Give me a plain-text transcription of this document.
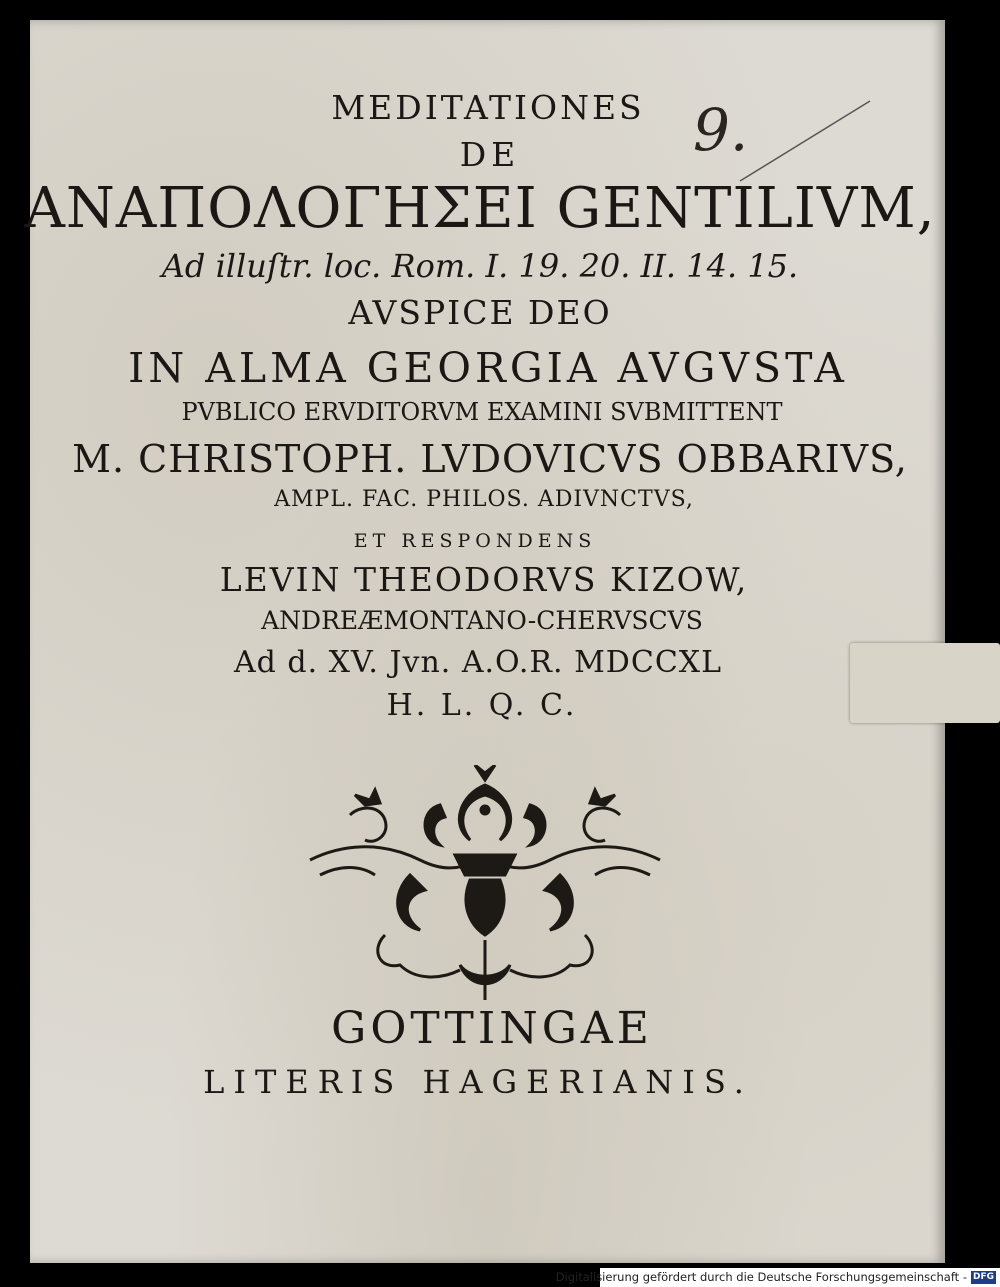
MEDITATIONES
DE
ΑΝΑΠΟΛΟΓΗΣΕΙ GENTILIVM,
Ad illuſtr. loc. Rom. I. 19. 20. II. 14. 15.
AVSPICE DEO
IN ALMA GEORGIA AVGVSTA
PVBLICO ERVDITORVM EXAMINI SVBMITTENT
M. CHRISTOPH. LVDOVICVS OBBARIVS,
AMPL. FAC. PHILOS. ADIVNCTVS,
ET RESPONDENS
LEVIN THEODORVS KIZOW,
ANDREÆMONTANO-CHERVSCVS
Ad d. XV. Jvn. A.O.R. MDCCXL
H. L. Q. C.
9.
GOTTINGAE
LITERIS HAGERIANIS.
Digitalisierung gefördert durch die Deutsche Forschungsgemeinschaft - DFG
